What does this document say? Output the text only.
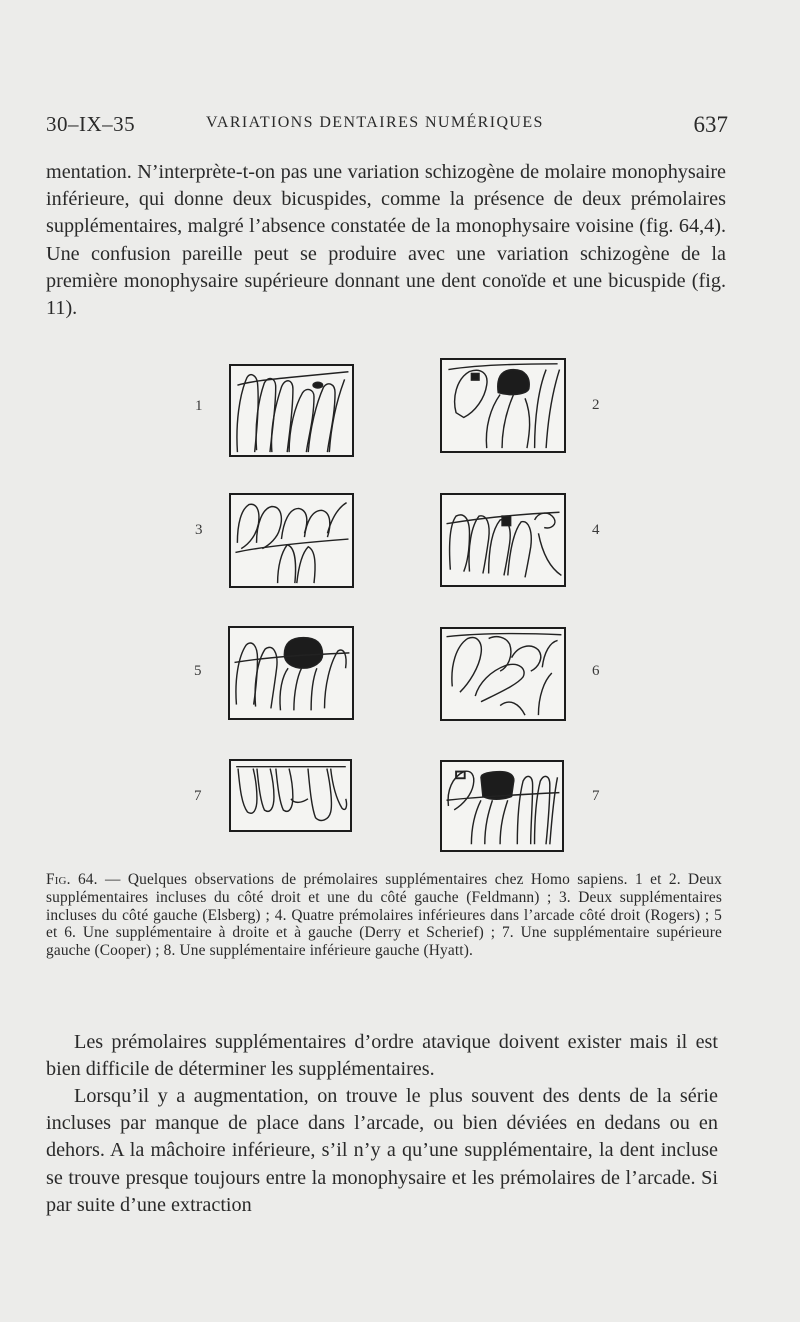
30–IX–35	VARIATIONS DENTAIRES NUMÉRIQUES	637
mentation. N’interprète-t-on pas une variation schizogène de molaire monophysaire inférieure, qui donne deux bicuspides, comme la présence de deux prémolaires supplémentaires, malgré l’absence constatée de la monophysaire voisine (fig. 64,4). Une confusion pareille peut se produire avec une variation schizogène de la première monophysaire supérieure donnant une dent conoïde et une bicuspide (fig. 11).
1	2
3	4
5	6
7	7
Fig. 64. — Quelques observations de prémolaires supplémentaires chez Homo sapiens. 1 et 2. Deux supplémentaires incluses du côté droit et une du côté gauche (Feldmann) ; 3. Deux supplémentaires incluses du côté gauche (Elsberg) ; 4. Quatre prémolaires inférieures dans l’arcade côté droit (Rogers) ; 5 et 6. Une supplémentaire à droite et à gauche (Derry et Scherief) ; 7. Une supplémentaire supérieure gauche (Cooper) ; 8. Une supplémentaire inférieure gauche (Hyatt).
Les prémolaires supplémentaires d’ordre atavique doivent exister mais il est bien difficile de déterminer les supplémentaires.
Lorsqu’il y a augmentation, on trouve le plus souvent des dents de la série incluses par manque de place dans l’arcade, ou bien déviées en dedans ou en dehors. A la mâchoire inférieure, s’il n’y a qu’une supplémentaire, la dent incluse se trouve presque toujours entre la monophysaire et les prémolaires de l’arcade. Si par suite d’une extraction
